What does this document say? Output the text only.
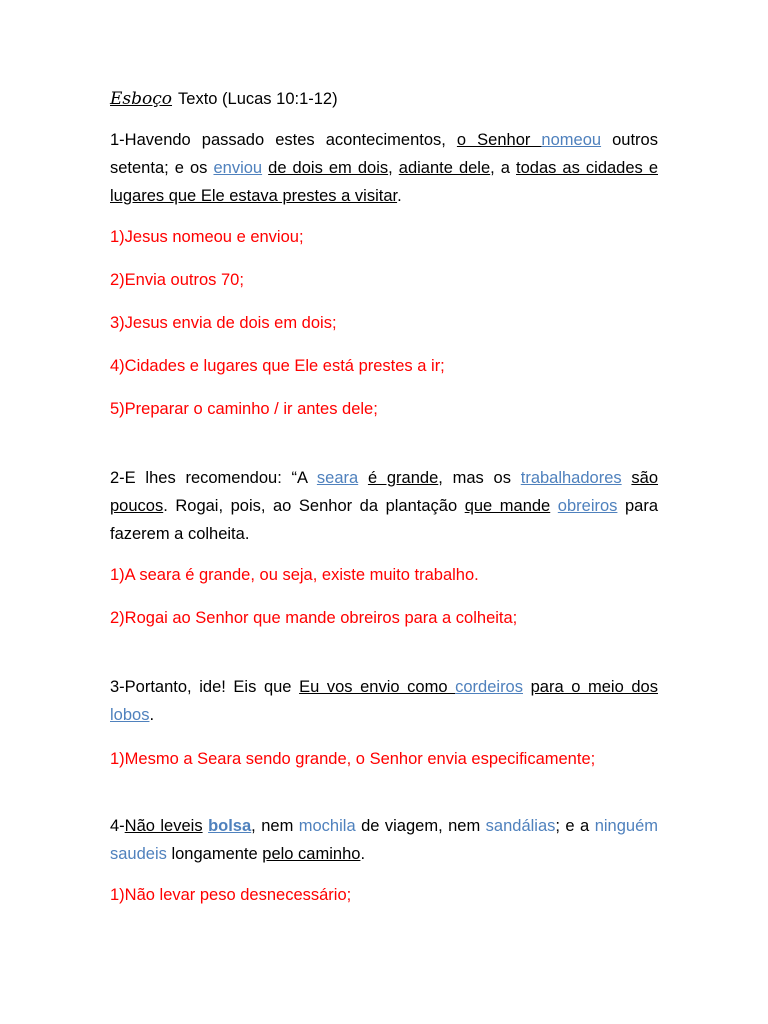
Esboço Texto (Lucas 10:1-12)

1-Havendo passado estes acontecimentos, o Senhor nomeou outros setenta; e os enviou de dois em dois, adiante dele, a todas as cidades e lugares que Ele estava prestes a visitar.

1)Jesus nomeou e enviou;
2)Envia outros 70;
3)Jesus envia de dois em dois;
4)Cidades e lugares que Ele está prestes a ir;
5)Preparar o caminho / ir antes dele;

2-E lhes recomendou: “A seara é grande, mas os trabalhadores são poucos. Rogai, pois, ao Senhor da plantação que mande obreiros para fazerem a colheita.

1)A seara é grande, ou seja, existe muito trabalho.
2)Rogai ao Senhor que mande obreiros para a colheita;

3-Portanto, ide! Eis que Eu vos envio como cordeiros para o meio dos lobos.

1)Mesmo a Seara sendo grande, o Senhor envia especificamente;

4-Não leveis bolsa, nem mochila de viagem, nem sandálias; e a ninguém saudeis longamente pelo caminho.

1)Não levar peso desnecessário;
